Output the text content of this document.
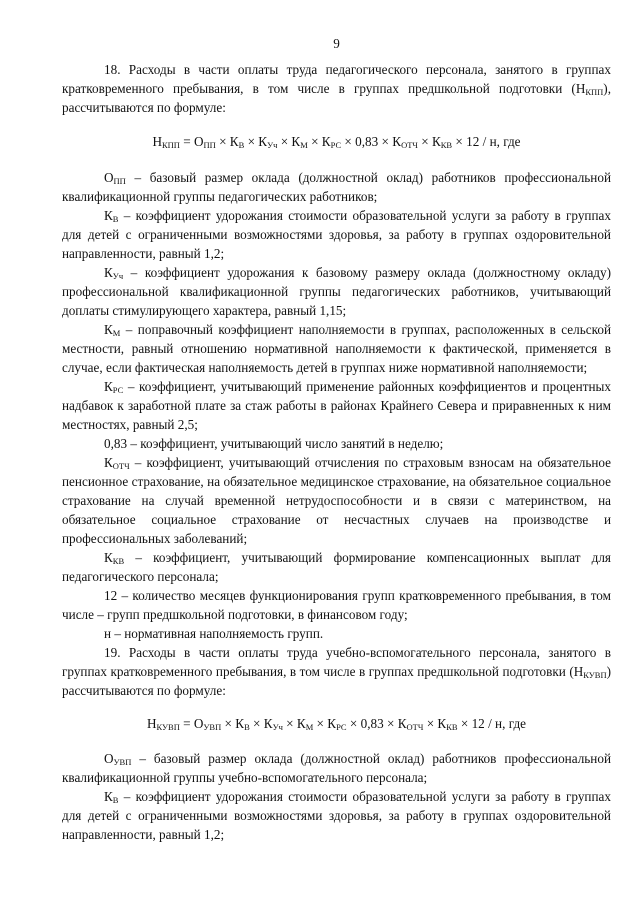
9

18. Расходы в части оплаты труда педагогического персонала, занятого в группах кратковременного пребывания, в том числе в группах предшкольной подготовки $(Н_{КПП})$, рассчитываются по формуле:

$Н_{КПП} = О_{ПП} \times К_В \times К_{Уч} \times К_М \times К_{РС} \times 0,83 \times К_{ОТЧ} \times К_{КВ} \times 12 / н$, где

$О_{ПП}$ – базовый размер оклада (должностной оклад) работников профессиональной квалификационной группы педагогических работников;

$К_В$ – коэффициент удорожания стоимости образовательной услуги за работу в группах для детей с ограниченными возможностями здоровья, за работу в группах оздоровительной направленности, равный 1,2;

$К_{Уч}$ – коэффициент удорожания к базовому размеру оклада (должностному окладу) профессиональной квалификационной группы педагогических работников, учитывающий доплаты стимулирующего характера, равный 1,15;

$К_М$ – поправочный коэффициент наполняемости в группах, расположенных в сельской местности, равный отношению нормативной наполняемости к фактической, применяется в случае, если фактическая наполняемость детей в группах ниже нормативной наполняемости;

$К_{РС}$ – коэффициент, учитывающий применение районных коэффициентов и процентных надбавок к заработной плате за стаж работы в районах Крайнего Севера и приравненных к ним местностях, равный 2,5;

0,83 – коэффициент, учитывающий число занятий в неделю;

$К_{ОТЧ}$ – коэффициент, учитывающий отчисления по страховым взносам на обязательное пенсионное страхование, на обязательное медицинское страхование, на обязательное социальное страхование на случай временной нетрудоспособности и в связи с материнством, на обязательное социальное страхование от несчастных случаев на производстве и профессиональных заболеваний;

$К_{КВ}$ – коэффициент, учитывающий формирование компенсационных выплат для педагогического персонала;

12 – количество месяцев функционирования групп кратковременного пребывания, в том числе – групп предшкольной подготовки, в финансовом году;

н – нормативная наполняемость групп.

19. Расходы в части оплаты труда учебно-вспомогательного персонала, занятого в группах кратковременного пребывания, в том числе в группах предшкольной подготовки $(Н_{КУВП})$ рассчитываются по формуле:

$Н_{КУВП} = О_{УВП} \times К_В \times К_{Уч} \times К_М \times К_{РС} \times 0,83 \times К_{ОТЧ} \times К_{КВ} \times 12 / н$, где

$О_{УВП}$ – базовый размер оклада (должностной оклад) работников профессиональной квалификационной группы учебно-вспомогательного персонала;

$К_В$ – коэффициент удорожания стоимости образовательной услуги за работу в группах для детей с ограниченными возможностями здоровья, за работу в группах оздоровительной направленности, равный 1,2;
